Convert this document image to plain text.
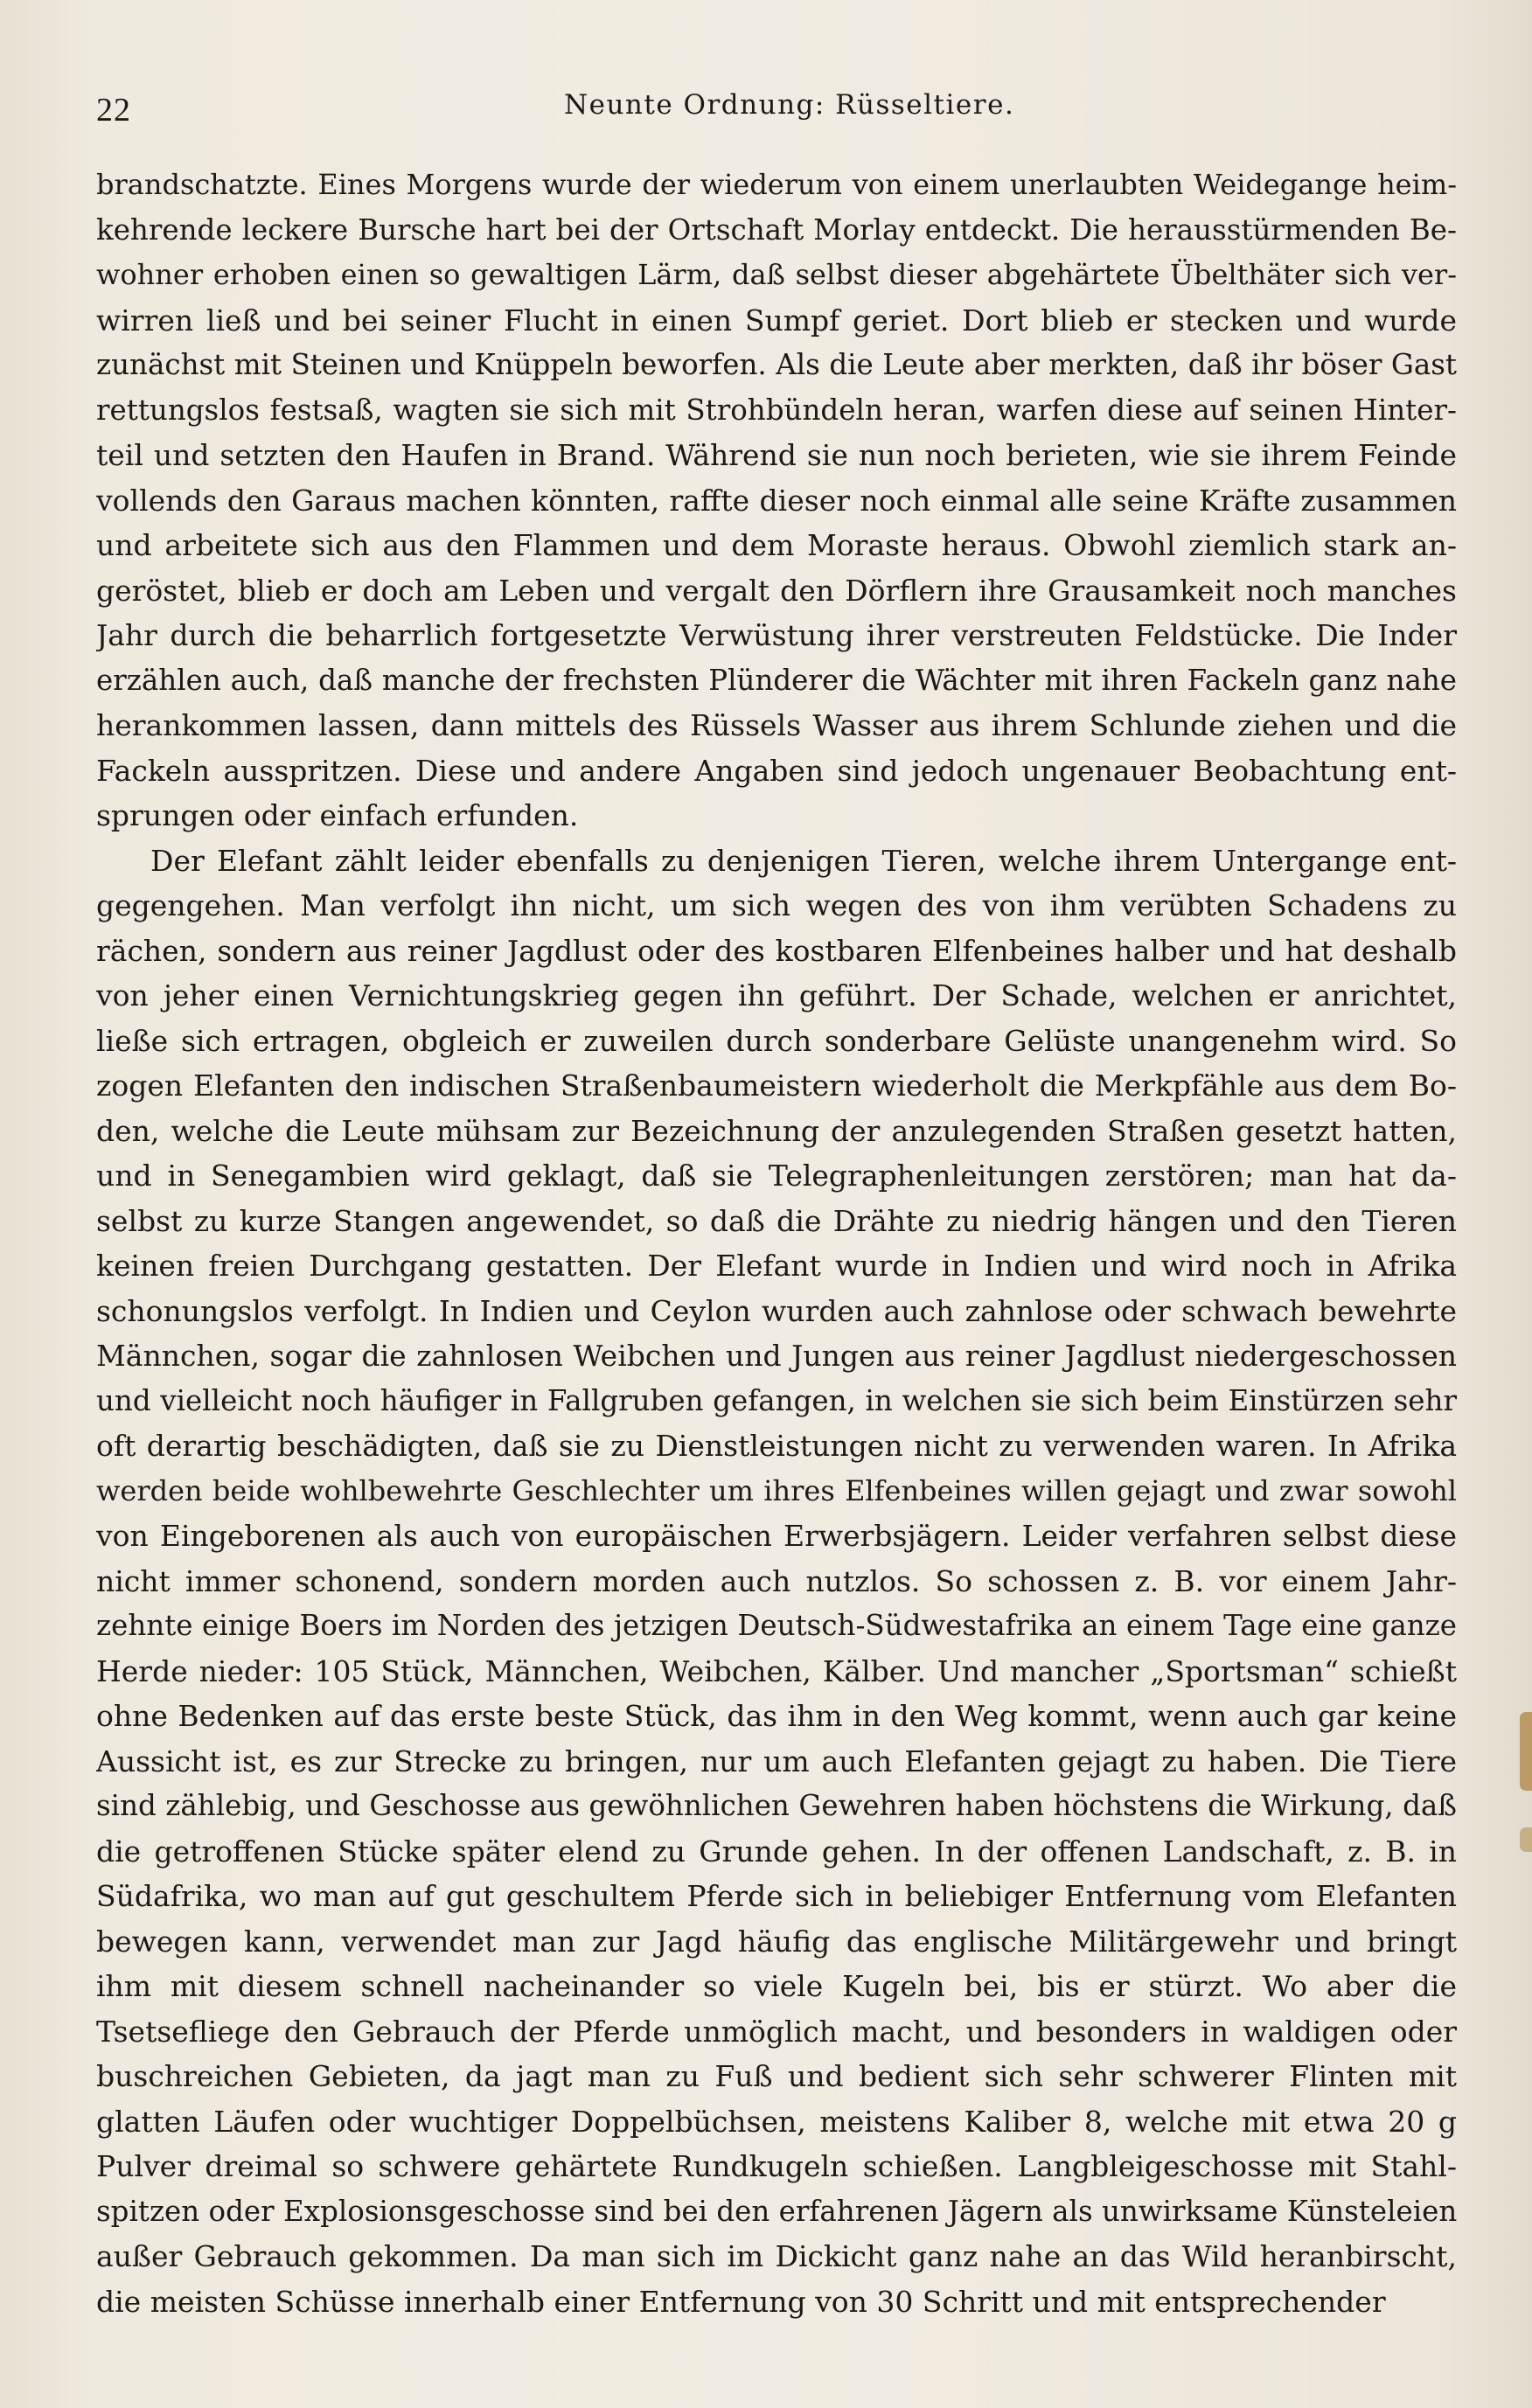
22	Neunte Ordnung: Rüsseltiere.
brandschatzte. Eines Morgens wurde der wiederum von einem unerlaubten Weidegange heim-
kehrende leckere Bursche hart bei der Ortschaft Morlay entdeckt. Die herausstürmenden Be-
wohner erhoben einen so gewaltigen Lärm, daß selbst dieser abgehärtete Übelthäter sich ver-
wirren ließ und bei seiner Flucht in einen Sumpf geriet. Dort blieb er stecken und wurde
zunächst mit Steinen und Knüppeln beworfen. Als die Leute aber merkten, daß ihr böser Gast
rettungslos festsaß, wagten sie sich mit Strohbündeln heran, warfen diese auf seinen Hinter-
teil und setzten den Haufen in Brand. Während sie nun noch berieten, wie sie ihrem Feinde
vollends den Garaus machen könnten, raffte dieser noch einmal alle seine Kräfte zusammen
und arbeitete sich aus den Flammen und dem Moraste heraus. Obwohl ziemlich stark an-
geröstet, blieb er doch am Leben und vergalt den Dörflern ihre Grausamkeit noch manches
Jahr durch die beharrlich fortgesetzte Verwüstung ihrer verstreuten Feldstücke. Die Inder
erzählen auch, daß manche der frechsten Plünderer die Wächter mit ihren Fackeln ganz nahe
herankommen lassen, dann mittels des Rüssels Wasser aus ihrem Schlunde ziehen und die
Fackeln ausspritzen. Diese und andere Angaben sind jedoch ungenauer Beobachtung ent-
sprungen oder einfach erfunden.
Der Elefant zählt leider ebenfalls zu denjenigen Tieren, welche ihrem Untergange ent-
gegengehen. Man verfolgt ihn nicht, um sich wegen des von ihm verübten Schadens zu
rächen, sondern aus reiner Jagdlust oder des kostbaren Elfenbeines halber und hat deshalb
von jeher einen Vernichtungskrieg gegen ihn geführt. Der Schade, welchen er anrichtet,
ließe sich ertragen, obgleich er zuweilen durch sonderbare Gelüste unangenehm wird. So
zogen Elefanten den indischen Straßenbaumeistern wiederholt die Merkpfähle aus dem Bo-
den, welche die Leute mühsam zur Bezeichnung der anzulegenden Straßen gesetzt hatten,
und in Senegambien wird geklagt, daß sie Telegraphenleitungen zerstören; man hat da-
selbst zu kurze Stangen angewendet, so daß die Drähte zu niedrig hängen und den Tieren
keinen freien Durchgang gestatten. Der Elefant wurde in Indien und wird noch in Afrika
schonungslos verfolgt. In Indien und Ceylon wurden auch zahnlose oder schwach bewehrte
Männchen, sogar die zahnlosen Weibchen und Jungen aus reiner Jagdlust niedergeschossen
und vielleicht noch häufiger in Fallgruben gefangen, in welchen sie sich beim Einstürzen sehr
oft derartig beschädigten, daß sie zu Dienstleistungen nicht zu verwenden waren. In Afrika
werden beide wohlbewehrte Geschlechter um ihres Elfenbeines willen gejagt und zwar sowohl
von Eingeborenen als auch von europäischen Erwerbsjägern. Leider verfahren selbst diese
nicht immer schonend, sondern morden auch nutzlos. So schossen z. B. vor einem Jahr-
zehnte einige Boers im Norden des jetzigen Deutsch-Südwestafrika an einem Tage eine ganze
Herde nieder: 105 Stück, Männchen, Weibchen, Kälber. Und mancher „Sportsman“ schießt
ohne Bedenken auf das erste beste Stück, das ihm in den Weg kommt, wenn auch gar keine
Aussicht ist, es zur Strecke zu bringen, nur um auch Elefanten gejagt zu haben. Die Tiere
sind zählebig, und Geschosse aus gewöhnlichen Gewehren haben höchstens die Wirkung, daß
die getroffenen Stücke später elend zu Grunde gehen. In der offenen Landschaft, z. B. in
Südafrika, wo man auf gut geschultem Pferde sich in beliebiger Entfernung vom Elefanten
bewegen kann, verwendet man zur Jagd häufig das englische Militärgewehr und bringt
ihm mit diesem schnell nacheinander so viele Kugeln bei, bis er stürzt. Wo aber die
Tsetsefliege den Gebrauch der Pferde unmöglich macht, und besonders in waldigen oder
buschreichen Gebieten, da jagt man zu Fuß und bedient sich sehr schwerer Flinten mit
glatten Läufen oder wuchtiger Doppelbüchsen, meistens Kaliber 8, welche mit etwa 20 g
Pulver dreimal so schwere gehärtete Rundkugeln schießen. Langbleigeschosse mit Stahl-
spitzen oder Explosionsgeschosse sind bei den erfahrenen Jägern als unwirksame Künsteleien
außer Gebrauch gekommen. Da man sich im Dickicht ganz nahe an das Wild heranbirscht,
die meisten Schüsse innerhalb einer Entfernung von 30 Schritt und mit entsprechender
